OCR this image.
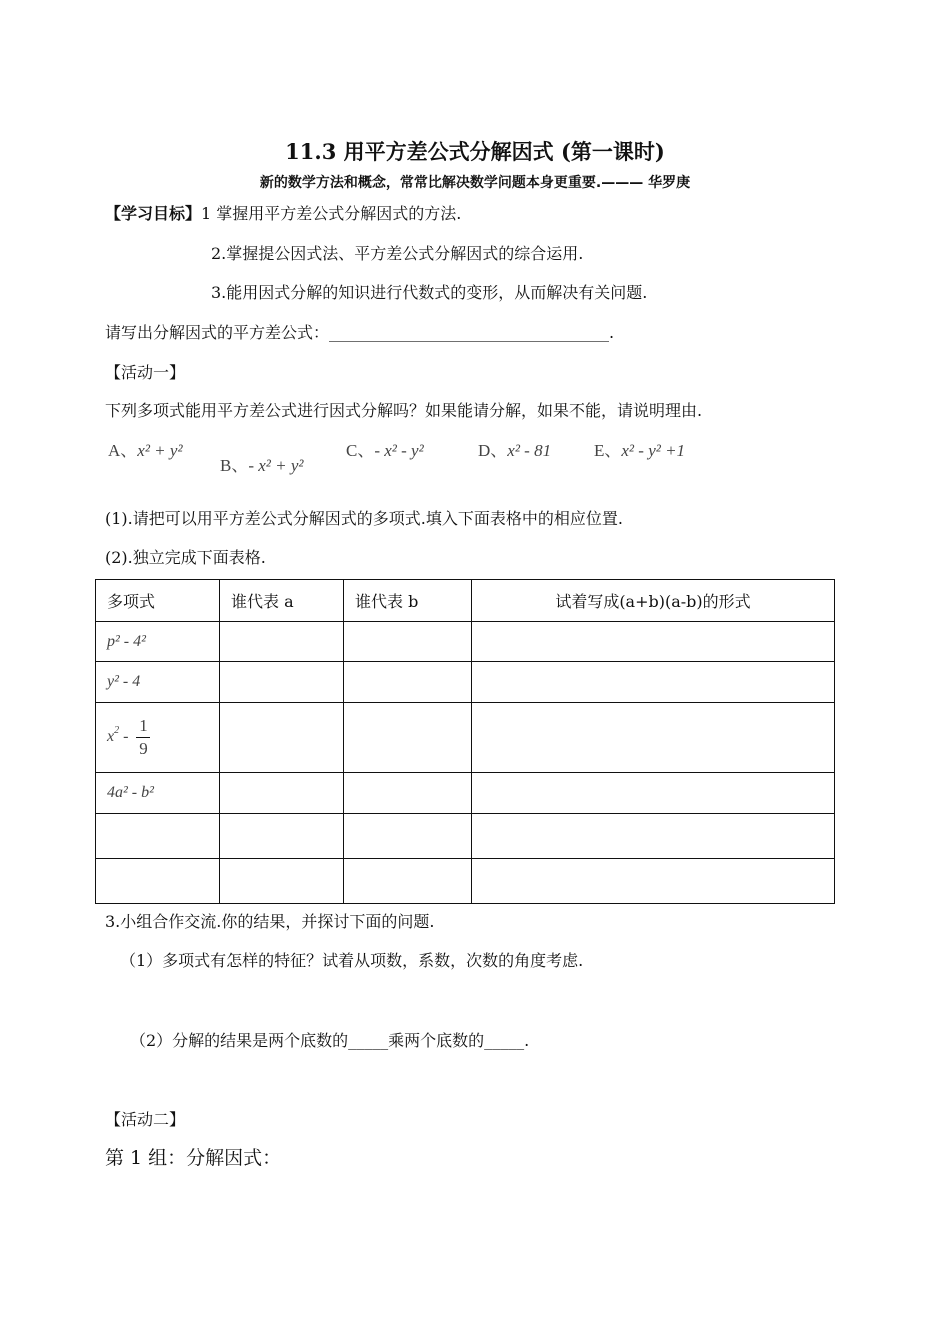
11.3 用平方差公式分解因式 (第一课时)
新的数学方法和概念，常常比解决数学问题本身更重要.——— 华罗庚
【学习目标】1 掌握用平方差公式分解因式的方法.
2.掌握提公因式法、平方差公式分解因式的综合运用.
3.能用因式分解的知识进行代数式的变形，从而解决有关问题.
请写出分解因式的平方差公式：___________________________________.
【活动一】
下列多项式能用平方差公式进行因式分解吗？如果能请分解，如果不能，请说明理由.
A、x² + y²
B、- x² + y²
C、- x² - y²	D、x² - 81	E、x² - y² +1
(1).请把可以用平方差公式分解因式的多项式.填入下面表格中的相应位置.
(2).独立完成下面表格.
多项式	谁代表 a	谁代表 b	试着写成(a+b)(a-b)的形式
p² - 4²			
y² - 4			
$x^2 - \frac{1}{9}$

4a² - b²			

3.小组合作交流.你的结果，并探讨下面的问题.
（1）多项式有怎样的特征？试着从项数，系数，次数的角度考虑.
（2）分解的结果是两个底数的_____乘两个底数的_____.
【活动二】
第 1 组：分解因式：
